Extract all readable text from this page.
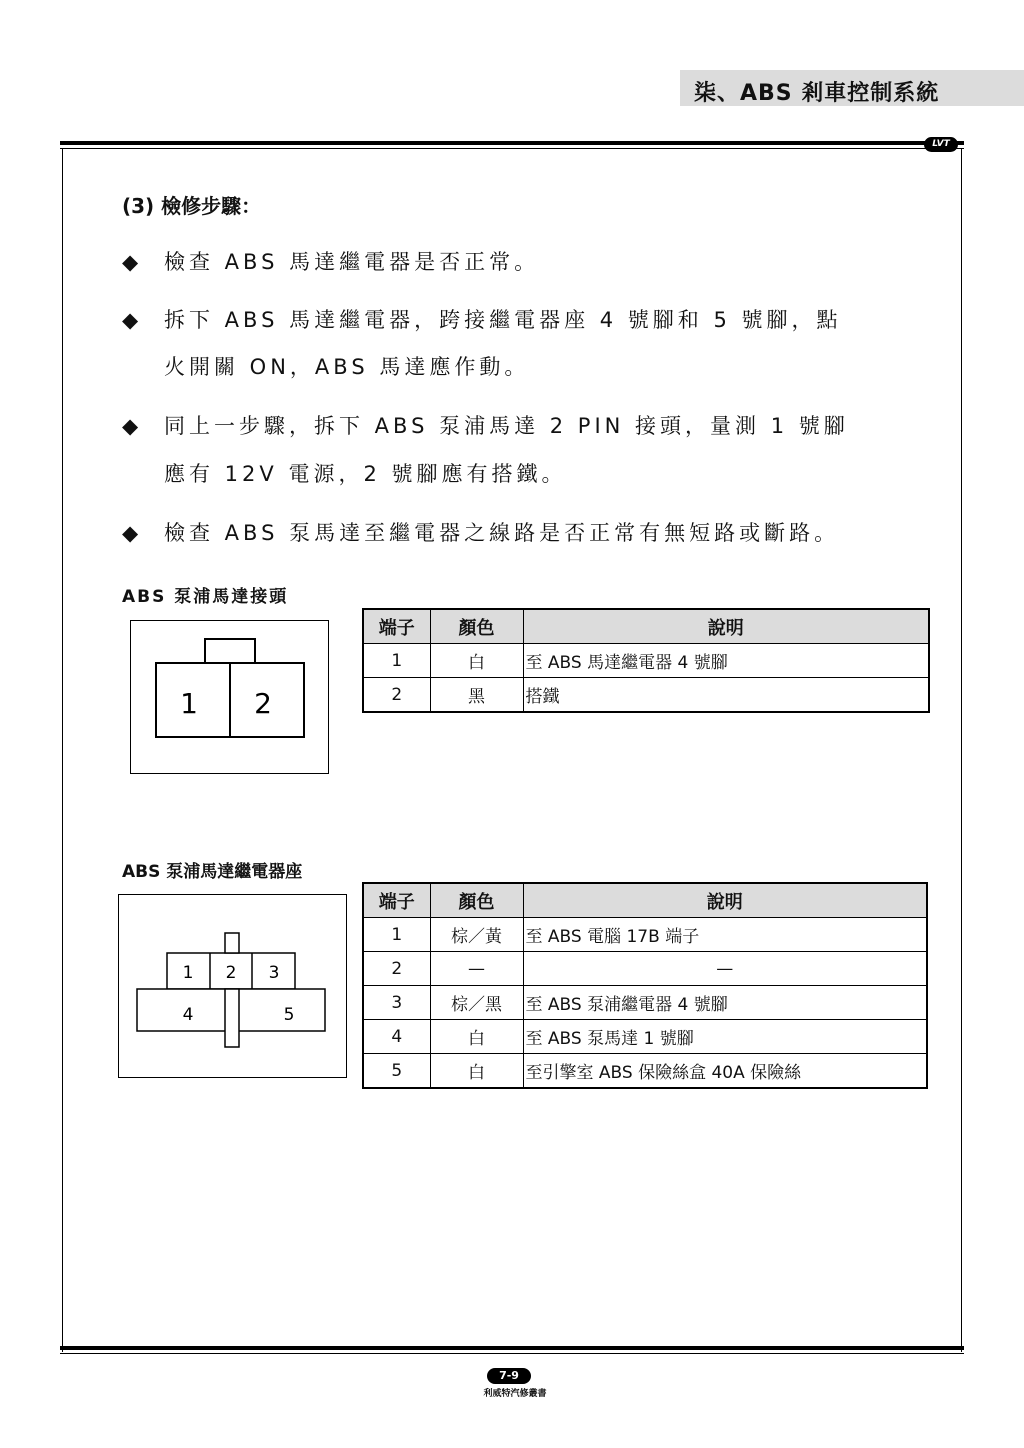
柒、ABS 剎車控制系統
LVT
(3) 檢修步驟：
◆ 檢查 ABS 馬達繼電器是否正常。
◆ 拆下 ABS 馬達繼電器，跨接繼電器座 4 號腳和 5 號腳，點
火開關 ON，ABS 馬達應作動。
◆ 同上一步驟，拆下 ABS 泵浦馬達 2 PIN 接頭，量測 1 號腳
應有 12V 電源，2 號腳應有搭鐵。
◆ 檢查 ABS 泵馬達至繼電器之線路是否正常有無短路或斷路。
ABS 泵浦馬達接頭
1 2
端子	顏色	說明
1	白	至 ABS 馬達繼電器 4 號腳
2	黑	搭鐵
ABS 泵浦馬達繼電器座
1 2 3
4	5
端子	顏色	說明
1	棕／黃	至 ABS 電腦 17B 端子
2	—	—
3	棕／黑	至 ABS 泵浦繼電器 4 號腳
4	白	至 ABS 泵馬達 1 號腳
5	白	至引擎室 ABS 保險絲盒 40A 保險絲
7-9
利威特汽修叢書
